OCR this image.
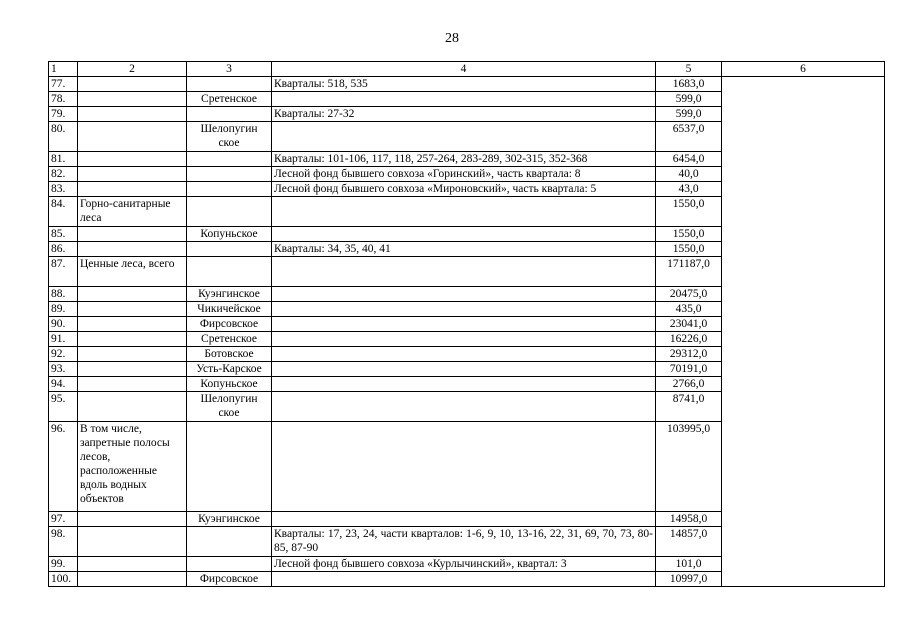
28
1	2	3	4	5	6
77.			Кварталы: 518, 535	1683,0	
78.		Сретенское		599,0	
79.			Кварталы: 27-32	599,0	
80.		Шелопугин ское		6537,0	
81.			Кварталы: 101-106, 117, 118, 257-264, 283-289, 302-315, 352-368	6454,0	
82.			Лесной фонд бывшего совхоза «Горинский», часть квартала: 8	40,0	
83.			Лесной фонд бывшего совхоза «Мироновский», часть квартала: 5	43,0	
84.	Горно-санитарные леса			1550,0	
85.		Копуньское		1550,0	
86.			Кварталы: 34, 35, 40, 41	1550,0	
87.	Ценные леса, всего			171187,0	
88.		Куэнгинское		20475,0	
89.		Чикичейское		435,0	
90.		Фирсовское		23041,0	
91.		Сретенское		16226,0	
92.		Ботовское		29312,0	
93.		Усть-Карское		70191,0	
94.		Копуньское		2766,0	
95.		Шелопугин ское		8741,0	
96.	В том числе, запретные полосы лесов, расположенные вдоль водных объектов			103995,0	
97.		Куэнгинское		14958,0	
98.			Кварталы: 17, 23, 24, части кварталов: 1-6, 9, 10, 13-16, 22, 31, 69, 70, 73, 80-85, 87-90	14857,0	
99.			Лесной фонд бывшего совхоза «Курлычинский», квартал: 3	101,0	
100.		Фирсовское		10997,0	
